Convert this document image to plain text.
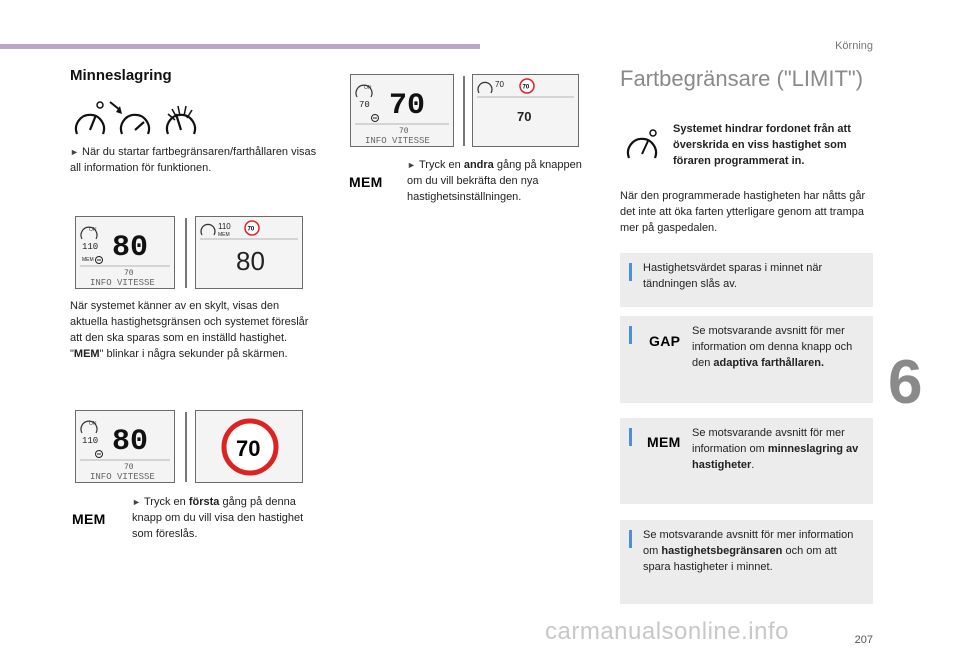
Körning
6
207
carmanualsonline.info
Minneslagring
► När du startar fartbegränsaren/farthållaren visas all information för funktionen.
ON
110 80
MEM
70
INFO VITESSE
110
MEM
70
80
När systemet känner av en skylt, visas den aktuella hastighetsgränsen och systemet föreslår att den ska sparas som en inställd hastighet.
"MEM" blinkar i några sekunder på skärmen.
ON
110 80
70
INFO VITESSE
70
MEM
► Tryck en första gång på denna knapp om du vill visa den hastighet som föreslås.
ON
70 70
70
INFO VITESSE
70	70
70
MEM
► Tryck en andra gång på knappen om du vill bekräfta den nya hastighetsinställningen.
Fartbegränsare ("LIMIT")
Systemet hindrar fordonet från att överskrida en viss hastighet som föraren programmerat in.
När den programmerade hastigheten har nåtts går det inte att öka farten ytterligare genom att trampa mer på gaspedalen.
Hastighetsvärdet sparas i minnet när tändningen slås av.
GAP
Se motsvarande avsnitt för mer information om denna knapp och den adaptiva farthållaren.
MEM
Se motsvarande avsnitt för mer information om minneslagring av hastigheter.
Se motsvarande avsnitt för mer information om hastighetsbegränsaren och om att spara hastigheter i minnet.
